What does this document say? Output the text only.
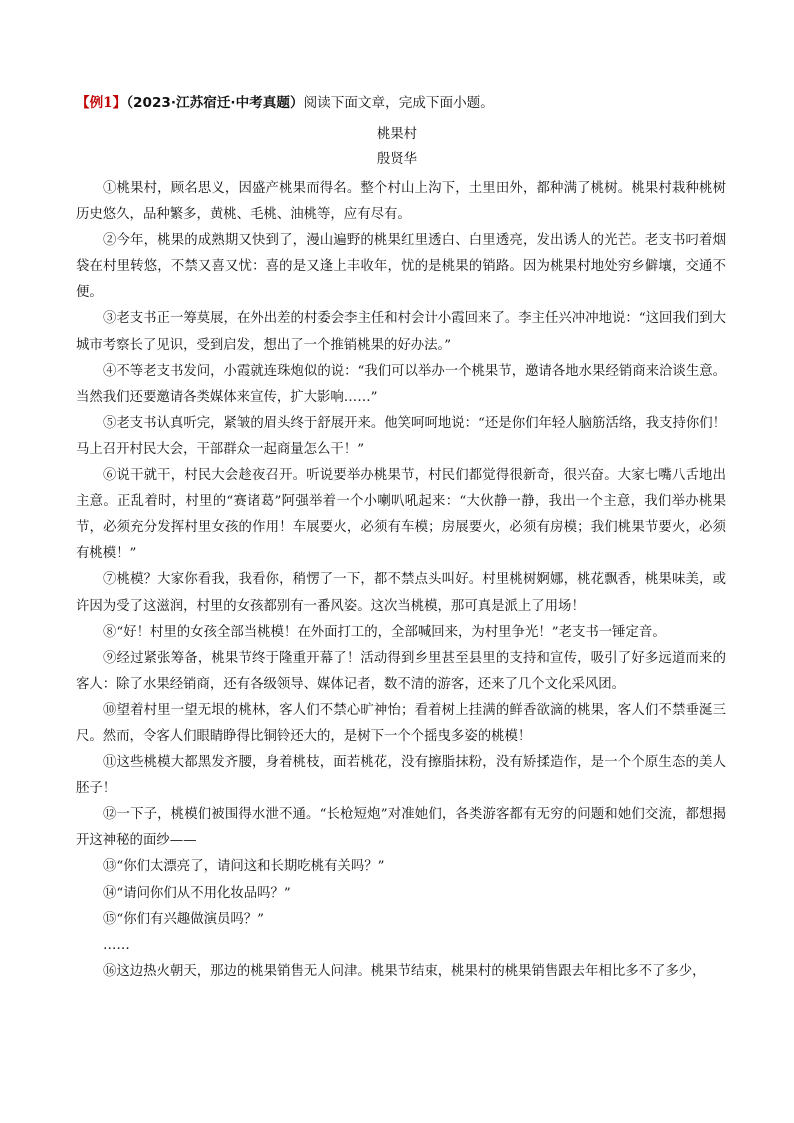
【例1】（2023·江苏宿迁·中考真题）阅读下面文章，完成下面小题。
桃果村
殷贤华

①桃果村，顾名思义，因盛产桃果而得名。整个村山上沟下，土里田外，都种满了桃树。桃果村栽种桃树历史悠久，品种繁多，黄桃、毛桃、油桃等，应有尽有。

②今年，桃果的成熟期又快到了，漫山遍野的桃果红里透白、白里透亮，发出诱人的光芒。老支书叼着烟袋在村里转悠，不禁又喜又忧：喜的是又逢上丰收年，忧的是桃果的销路。因为桃果村地处穷乡僻壤，交通不便。

③老支书正一筹莫展，在外出差的村委会李主任和村会计小霞回来了。李主任兴冲冲地说：“这回我们到大城市考察长了见识，受到启发，想出了一个推销桃果的好办法。”

④不等老支书发问，小霞就连珠炮似的说：“我们可以举办一个桃果节，邀请各地水果经销商来洽谈生意。当然我们还要邀请各类媒体来宣传，扩大影响……”

⑤老支书认真听完，紧皱的眉头终于舒展开来。他笑呵呵地说：“还是你们年轻人脑筋活络，我支持你们！马上召开村民大会，干部群众一起商量怎么干！”

⑥说干就干，村民大会趁夜召开。听说要举办桃果节，村民们都觉得很新奇，很兴奋。大家七嘴八舌地出主意。正乱着时，村里的“赛诸葛”阿强举着一个小喇叭吼起来：“大伙静一静，我出一个主意，我们举办桃果节，必须充分发挥村里女孩的作用！车展要火，必须有车模；房展要火，必须有房模；我们桃果节要火，必须有桃模！”

⑦桃模？大家你看我，我看你，稍愣了一下，都不禁点头叫好。村里桃树婀娜，桃花飘香，桃果味美，或许因为受了这滋润，村里的女孩都别有一番风姿。这次当桃模，那可真是派上了用场！

⑧“好！村里的女孩全部当桃模！在外面打工的，全部喊回来，为村里争光！”老支书一锤定音。

⑨经过紧张筹备，桃果节终于隆重开幕了！活动得到乡里甚至县里的支持和宣传，吸引了好多远道而来的客人：除了水果经销商，还有各级领导、媒体记者，数不清的游客，还来了几个文化采风团。

⑩望着村里一望无垠的桃林，客人们不禁心旷神怡；看着树上挂满的鲜香欲滴的桃果，客人们不禁垂涎三尺。然而，令客人们眼睛睁得比铜铃还大的，是树下一个个摇曳多姿的桃模！

⑪这些桃模大都黑发齐腰，身着桃枝，面若桃花，没有擦脂抹粉，没有矫揉造作，是一个个原生态的美人胚子！

⑫一下子，桃模们被围得水泄不通。“长枪短炮”对准她们，各类游客都有无穷的问题和她们交流，都想揭开这神秘的面纱——

⑬“你们太漂亮了，请问这和长期吃桃有关吗？”

⑭“请问你们从不用化妆品吗？”

⑮“你们有兴趣做演员吗？”

……

⑯这边热火朝天，那边的桃果销售无人问津。桃果节结束，桃果村的桃果销售跟去年相比多不了多少，
